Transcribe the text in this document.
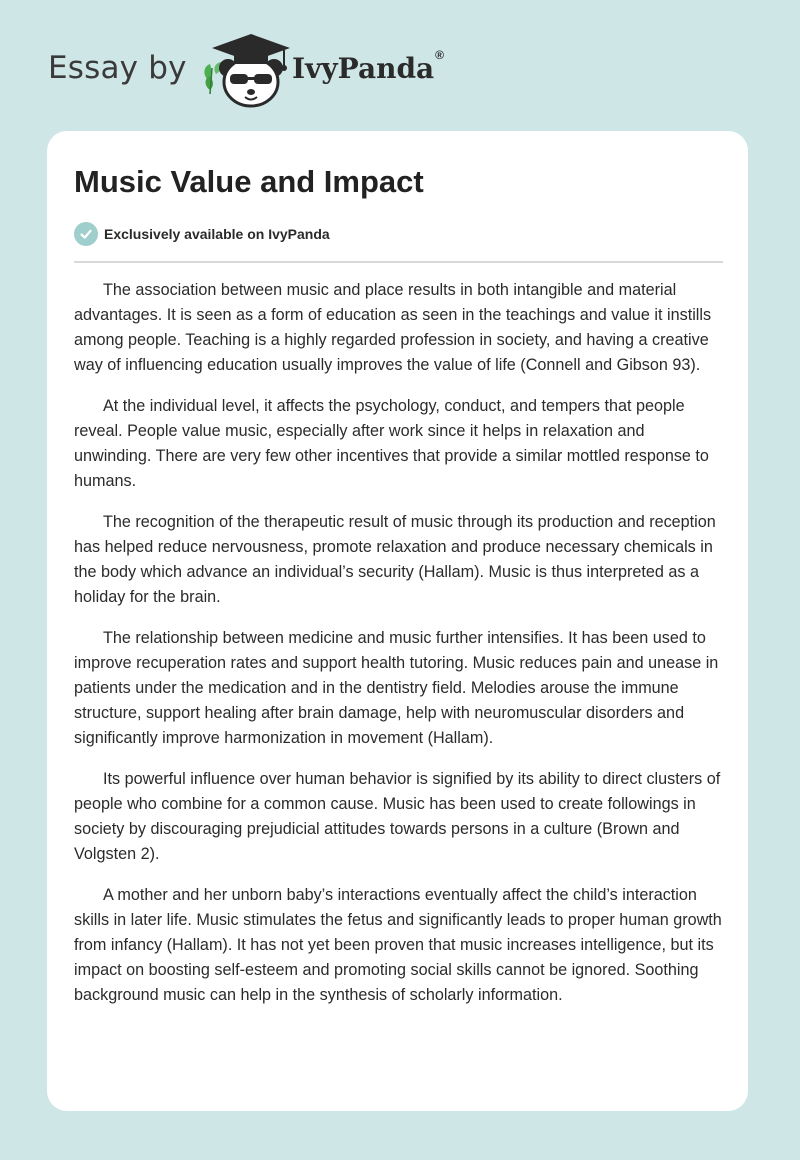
Essay by	IvyPanda®
Music Value and Impact
Exclusively available on IvyPanda

The association between music and place results in both intangible and material advantages. It is seen as a form of education as seen in the teachings and value it instills among people. Teaching is a highly regarded profession in society, and having a creative way of influencing education usually improves the value of life (Connell and Gibson 93).

At the individual level, it affects the psychology, conduct, and tempers that people reveal. People value music, especially after work since it helps in relaxation and unwinding. There are very few other incentives that provide a similar mottled response to humans.

The recognition of the therapeutic result of music through its production and reception has helped reduce nervousness, promote relaxation and produce necessary chemicals in the body which advance an individual’s security (Hallam). Music is thus interpreted as a holiday for the brain.

The relationship between medicine and music further intensifies. It has been used to improve recuperation rates and support health tutoring. Music reduces pain and unease in patients under the medication and in the dentistry field. Melodies arouse the immune structure, support healing after brain damage, help with neuromuscular disorders and significantly improve harmonization in movement (Hallam).

Its powerful influence over human behavior is signified by its ability to direct clusters of people who combine for a common cause. Music has been used to create followings in society by discouraging prejudicial attitudes towards persons in a culture (Brown and Volgsten 2).

A mother and her unborn baby’s interactions eventually affect the child’s interaction skills in later life. Music stimulates the fetus and significantly leads to proper human growth from infancy (Hallam). It has not yet been proven that music increases intelligence, but its impact on boosting self-esteem and promoting social skills cannot be ignored. Soothing background music can help in the synthesis of scholarly information.
